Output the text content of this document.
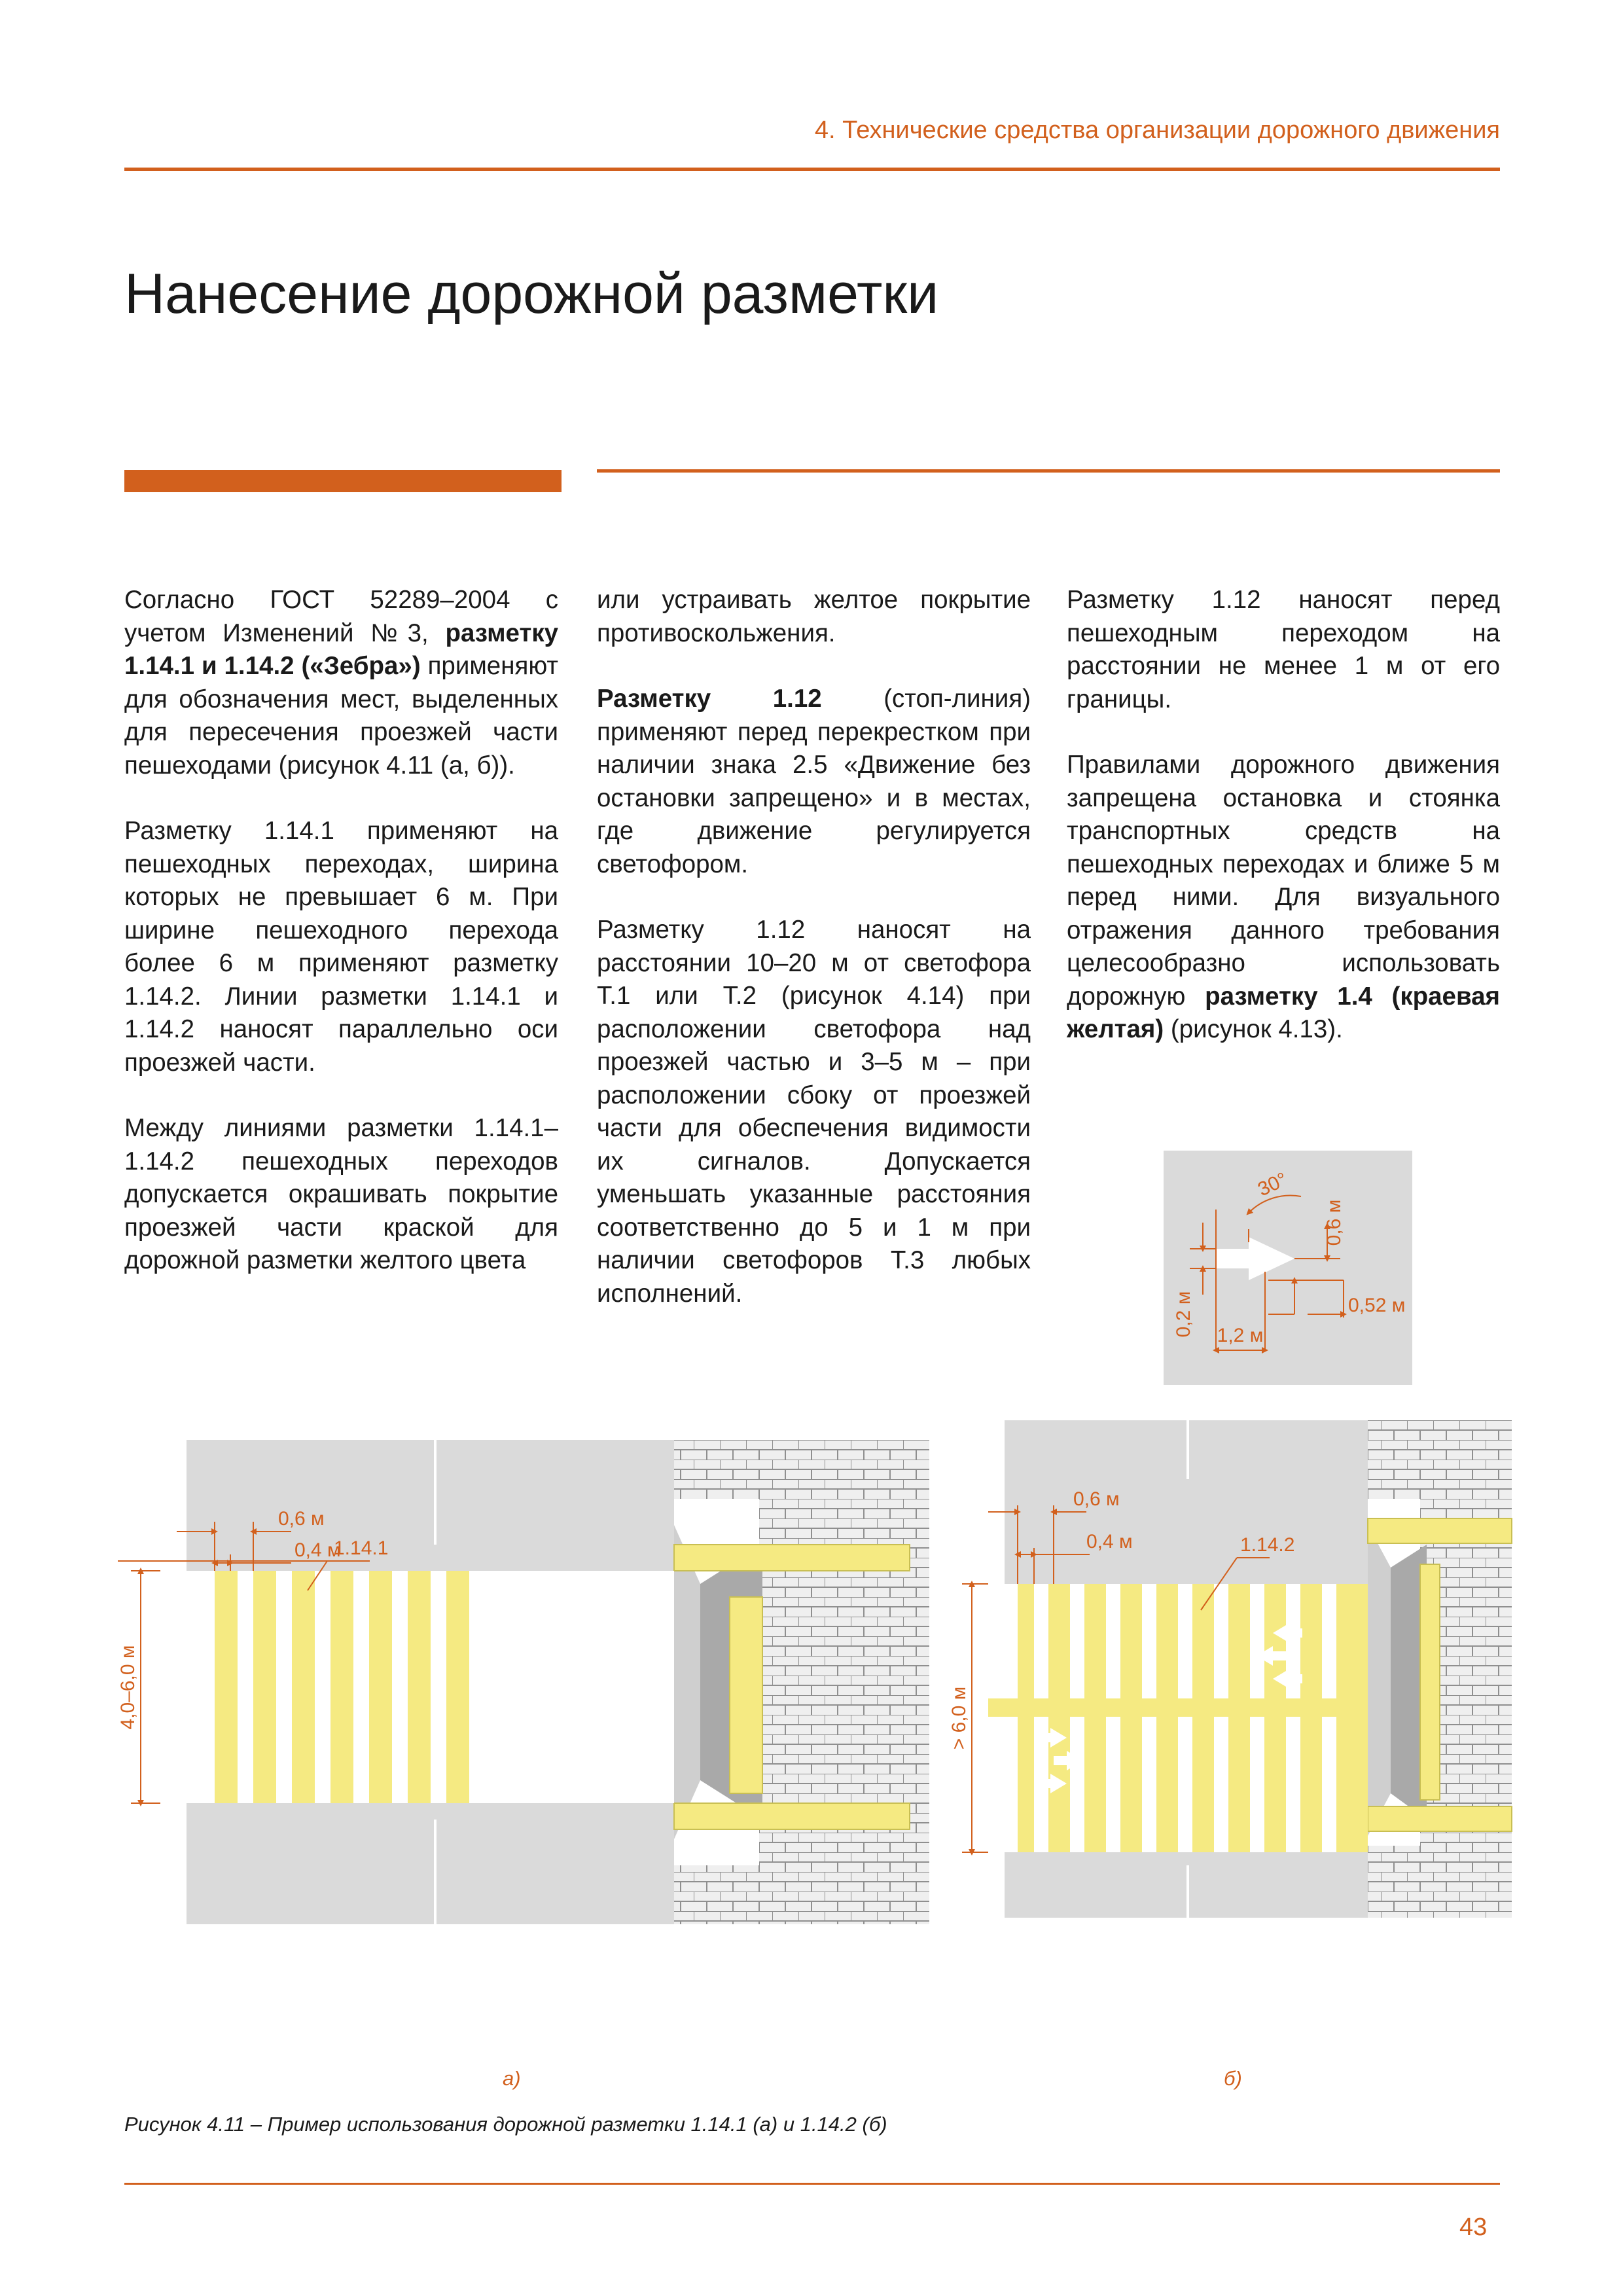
4. Технические средства организации дорожного движения
Нанесение дорожной разметки

Согласно ГОСТ 52289–2004 с учетом Изменений №3, разметку 1.14.1 и 1.14.2 («Зебра») применяют для обозначения мест, выделенных для пересечения проезжей части пешеходами (рисунок 4.11 (а, б)).

Разметку 1.14.1 применяют на пешеходных переходах, ширина которых не превышает 6 м. При ширине пешеходного перехода более 6 м применяют разметку 1.14.2. Линии разметки 1.14.1 и 1.14.2 наносят параллельно оси проезжей части.

Между линиями разметки 1.14.1–1.14.2 пешеходных переходов допускается окрашивать покрытие проезжей части краской для дорожной разметки желтого цвета

или устраивать желтое покрытие противоскольжения.

Разметку 1.12 (стоп-линия) применяют перед перекрестком при наличии знака 2.5 «Движение без остановки запрещено» и в местах, где движение регулируется светофором.

Разметку 1.12 наносят на расстоянии 10–20 м от светофора Т.1 или Т.2 (рисунок 4.14) при расположении светофора над проезжей частью и 3–5 м – при расположении сбоку от проезжей части для обеспечения видимости их сигналов. Допускается уменьшать указанные расстояния соответственно до 5 и 1 м при наличии светофоров Т.3 любых исполнений.

Разметку 1.12 наносят перед пешеходным переходом на расстоянии не менее 1 м от его границы.

Правилами дорожного движения запрещена остановка и стоянка транспортных средств на пешеходных переходах и ближе 5 м перед ними. Для визуального отражения данного требования целесообразно использовать дорожную разметку 1.4 (краевая желтая) (рисунок 4.13).

30°
0,6 м
0,2 м	0,52 м
1,2 м
0,6 м
0,4 м
1.14.1
4,0–6,0 м
а)
0,6 м
0,4 м	1.14.2
> 6,0 м
б)
Рисунок 4.11 – Пример использования дорожной разметки 1.14.1 (а) и 1.14.2 (б)
43
